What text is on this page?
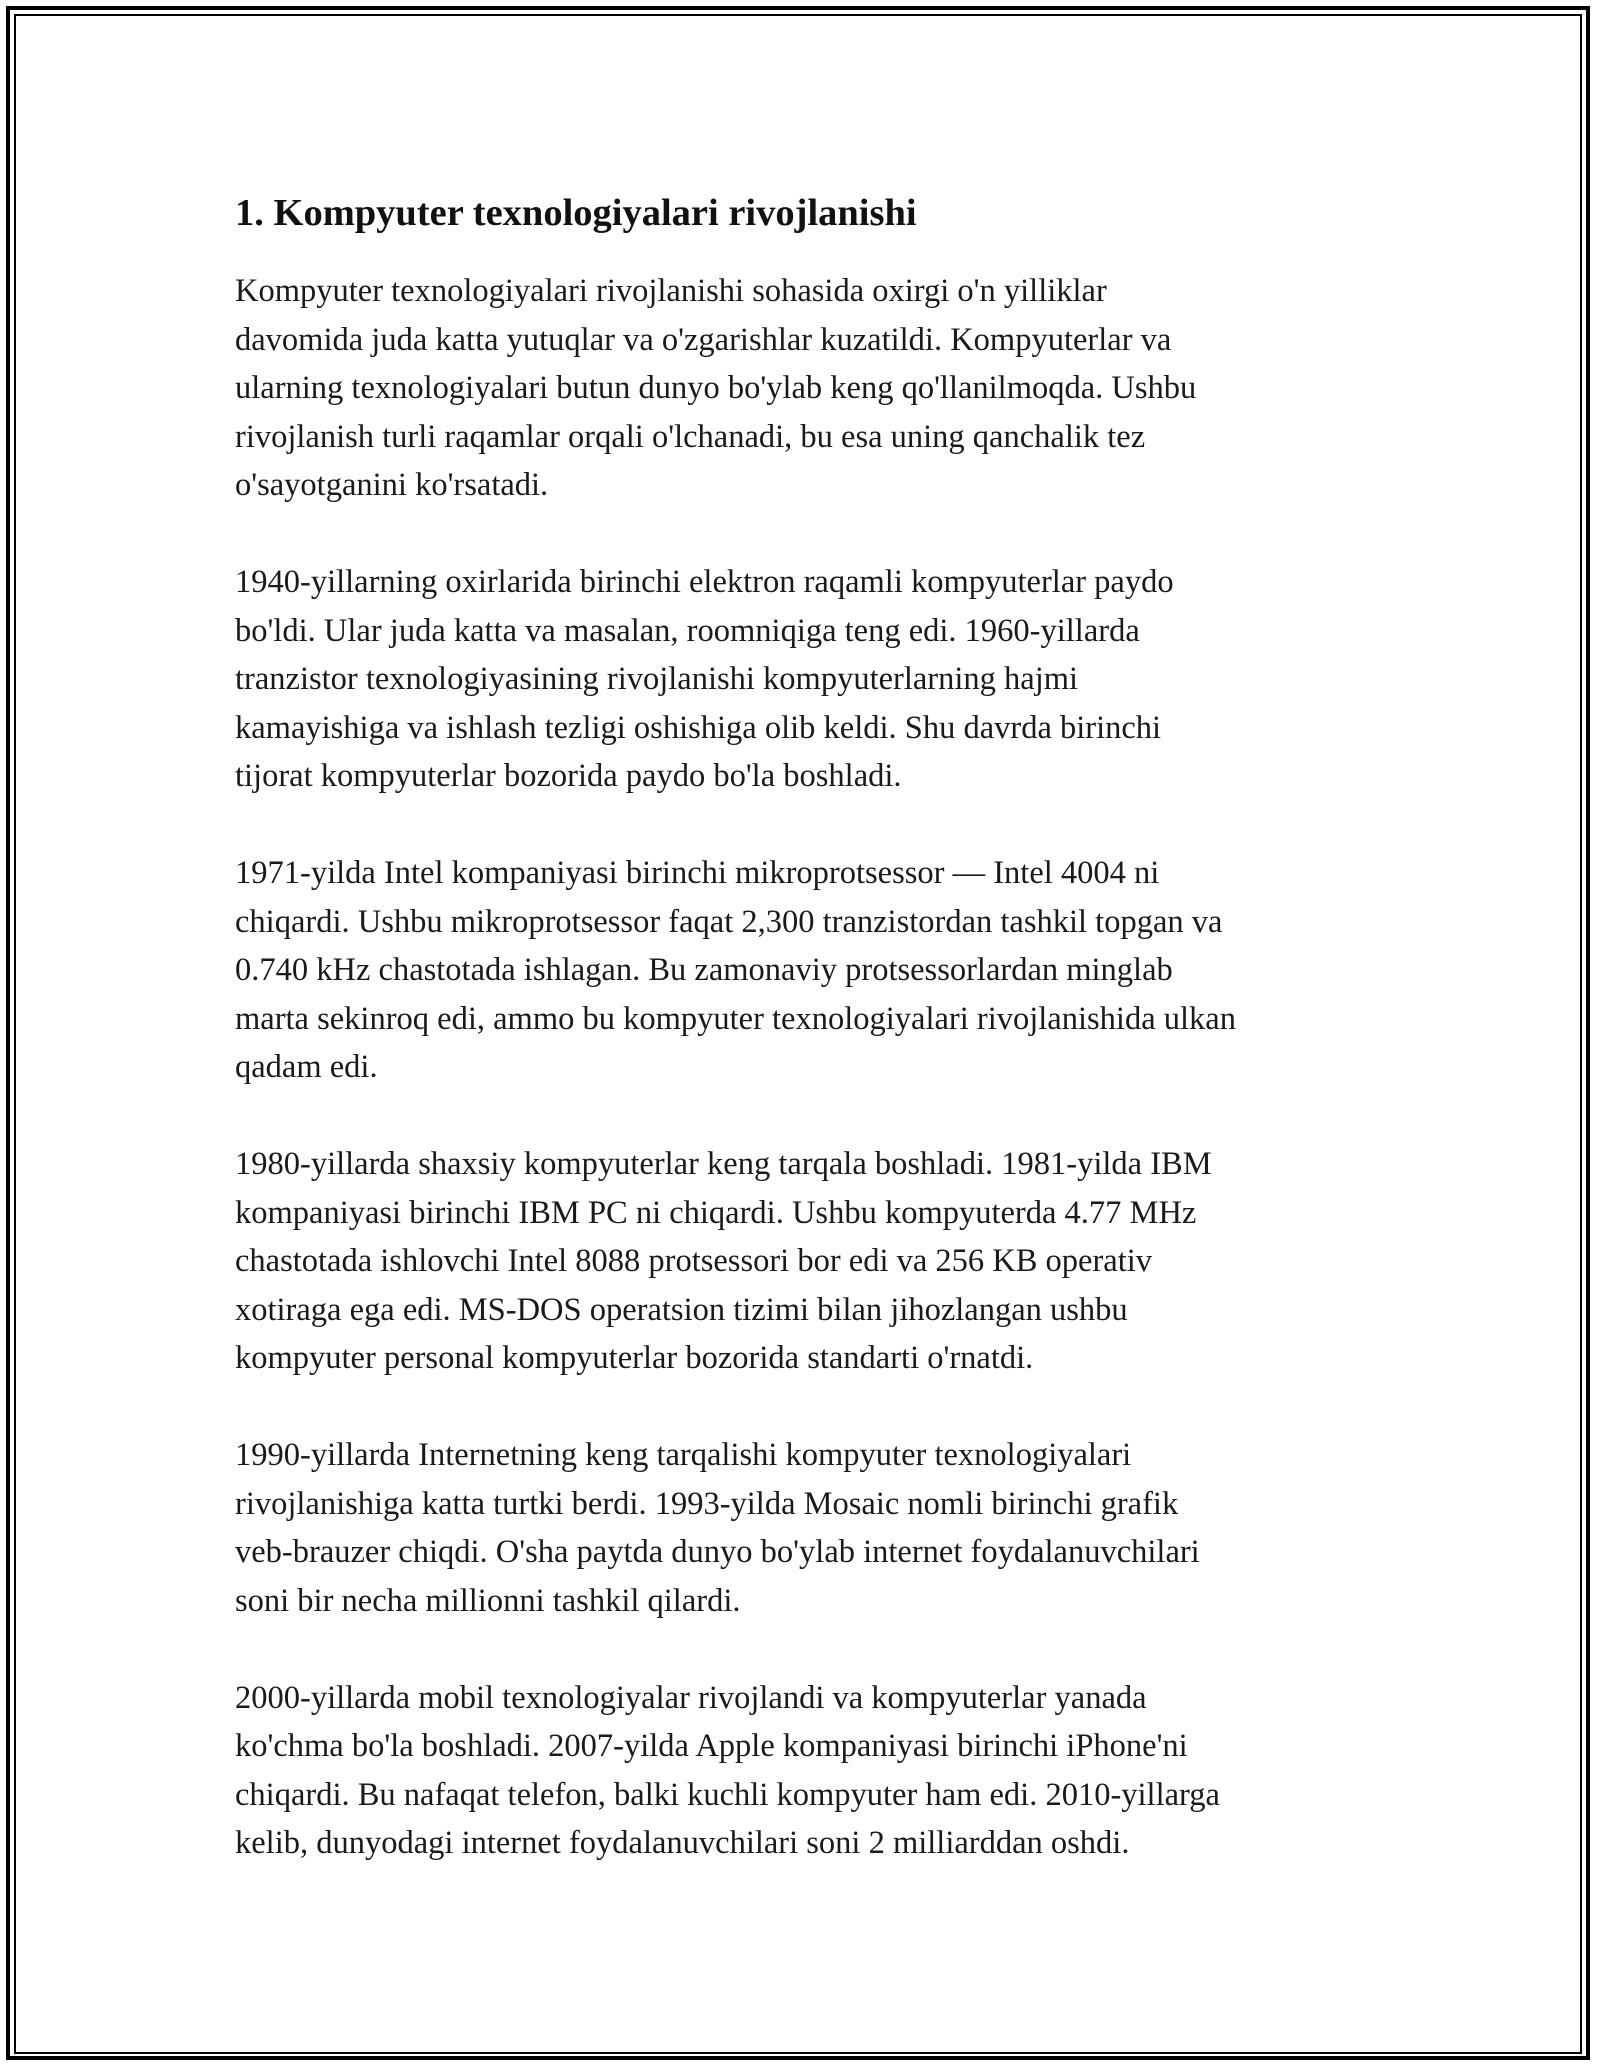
1. Kompyuter texnologiyalari rivojlanishi

Kompyuter texnologiyalari rivojlanishi sohasida oxirgi o'n yilliklar
davomida juda katta yutuqlar va o'zgarishlar kuzatildi. Kompyuterlar va
ularning texnologiyalari butun dunyo bo'ylab keng qo'llanilmoqda. Ushbu
rivojlanish turli raqamlar orqali o'lchanadi, bu esa uning qanchalik tez
o'sayotganini ko'rsatadi.

1940-yillarning oxirlarida birinchi elektron raqamli kompyuterlar paydo
bo'ldi. Ular juda katta va masalan, roomniqiga teng edi. 1960-yillarda
tranzistor texnologiyasining rivojlanishi kompyuterlarning hajmi
kamayishiga va ishlash tezligi oshishiga olib keldi. Shu davrda birinchi
tijorat kompyuterlar bozorida paydo bo'la boshladi.

1971-yilda Intel kompaniyasi birinchi mikroprotsessor — Intel 4004 ni
chiqardi. Ushbu mikroprotsessor faqat 2,300 tranzistordan tashkil topgan va
0.740 kHz chastotada ishlagan. Bu zamonaviy protsessorlardan minglab
marta sekinroq edi, ammo bu kompyuter texnologiyalari rivojlanishida ulkan
qadam edi.

1980-yillarda shaxsiy kompyuterlar keng tarqala boshladi. 1981-yilda IBM
kompaniyasi birinchi IBM PC ni chiqardi. Ushbu kompyuterda 4.77 MHz
chastotada ishlovchi Intel 8088 protsessori bor edi va 256 KB operativ
xotiraga ega edi. MS-DOS operatsion tizimi bilan jihozlangan ushbu
kompyuter personal kompyuterlar bozorida standarti o'rnatdi.

1990-yillarda Internetning keng tarqalishi kompyuter texnologiyalari
rivojlanishiga katta turtki berdi. 1993-yilda Mosaic nomli birinchi grafik
veb-brauzer chiqdi. O'sha paytda dunyo bo'ylab internet foydalanuvchilari
soni bir necha millionni tashkil qilardi.

2000-yillarda mobil texnologiyalar rivojlandi va kompyuterlar yanada
ko'chma bo'la boshladi. 2007-yilda Apple kompaniyasi birinchi iPhone'ni
chiqardi. Bu nafaqat telefon, balki kuchli kompyuter ham edi. 2010-yillarga
kelib, dunyodagi internet foydalanuvchilari soni 2 milliarddan oshdi.
